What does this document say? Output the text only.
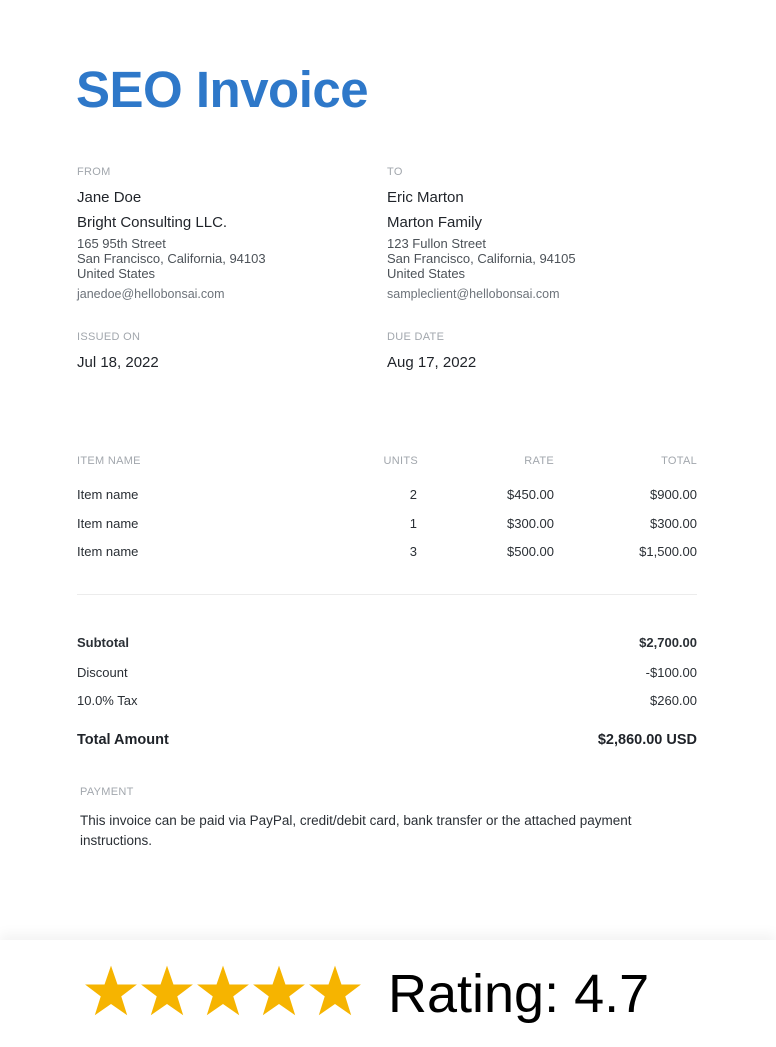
SEO Invoice
FROM
Jane Doe
Bright Consulting LLC.
165 95th Street
San Francisco, California, 94103
United States
janedoe@hellobonsai.com
TO
Eric Marton
Marton Family
123 Fullon Street
San Francisco, California, 94105
United States
sampleclient@hellobonsai.com
ISSUED ON
Jul 18, 2022
DUE DATE
Aug 17, 2022
ITEM NAME	UNITS	RATE	TOTAL
Item name	2	$450.00	$900.00
Item name	1	$300.00	$300.00
Item name	3	$500.00	$1,500.00
Subtotal	$2,700.00
Discount	-$100.00
10.0% Tax	$260.00
Total Amount	$2,860.00 USD
PAYMENT
This invoice can be paid via PayPal, credit/debit card, bank transfer or the attached payment instructions.
Rating: 4.7
